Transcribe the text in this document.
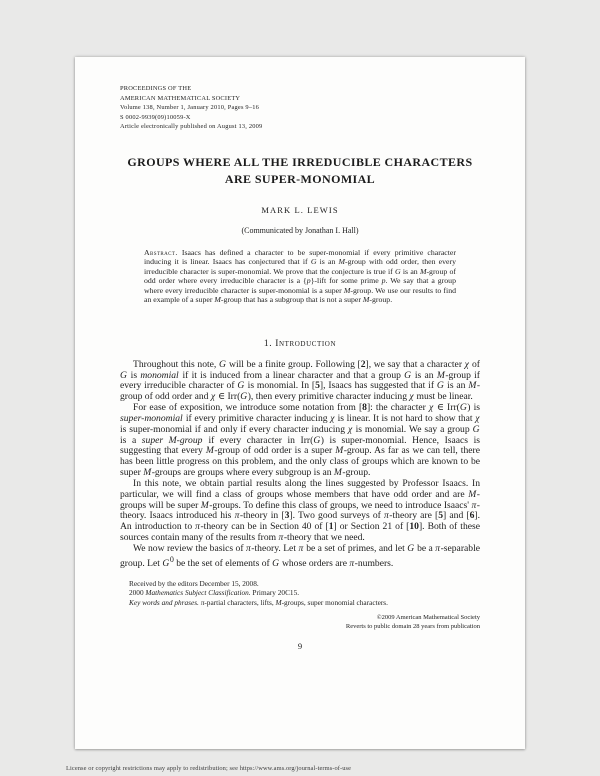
PROCEEDINGS OF THE
AMERICAN MATHEMATICAL SOCIETY
Volume 138, Number 1, January 2010, Pages 9–16
S 0002-9939(09)10059-X
Article electronically published on August 13, 2009
GROUPS WHERE ALL THE IRREDUCIBLE CHARACTERS
ARE SUPER-MONOMIAL
MARK L. LEWIS
(Communicated by Jonathan I. Hall)

Abstract. Isaacs has defined a character to be super-monomial if every primitive character inducing it is linear. Isaacs has conjectured that if G is an M-group with odd order, then every irreducible character is super-monomial. We prove that the conjecture is true if G is an M-group of odd order where every irreducible character is a {p}-lift for some prime p. We say that a group where every irreducible character is super-monomial is a super M-group. We use our results to find an example of a super M-group that has a subgroup that is not a super M-group.

1. Introduction

Throughout this note, G will be a finite group. Following [2], we say that a character χ of G is monomial if it is induced from a linear character and that a group G is an M-group if every irreducible character of G is monomial. In [5], Isaacs has suggested that if G is an M-group of odd order and χ ∈ Irr(G), then every primitive character inducing χ must be linear.

For ease of exposition, we introduce some notation from [8]: the character χ ∈ Irr(G) is super-monomial if every primitive character inducing χ is linear. It is not hard to show that χ is super-monomial if and only if every character inducing χ is monomial. We say a group G is a super M-group if every character in Irr(G) is super-monomial. Hence, Isaacs is suggesting that every M-group of odd order is a super M-group. As far as we can tell, there has been little progress on this problem, and the only class of groups which are known to be super M-groups are groups where every subgroup is an M-group.

In this note, we obtain partial results along the lines suggested by Professor Isaacs. In particular, we will find a class of groups whose members that have odd order and are M-groups will be super M-groups. To define this class of groups, we need to introduce Isaacs' π-theory. Isaacs introduced his π-theory in [3]. Two good surveys of π-theory are [5] and [6]. An introduction to π-theory can be in Section 40 of [1] or Section 21 of [10]. Both of these sources contain many of the results from π-theory that we need.

We now review the basics of π-theory. Let π be a set of primes, and let G be a π-separable group. Let $G^0$ be the set of elements of G whose orders are π-numbers.

Received by the editors December 15, 2008.
2000 Mathematics Subject Classification. Primary 20C15.
Key words and phrases. π-partial characters, lifts, M-groups, super monomial characters.
©2009 American Mathematical Society
Reverts to public domain 28 years from publication
9
License or copyright restrictions may apply to redistribution; see https://www.ams.org/journal-terms-of-use
